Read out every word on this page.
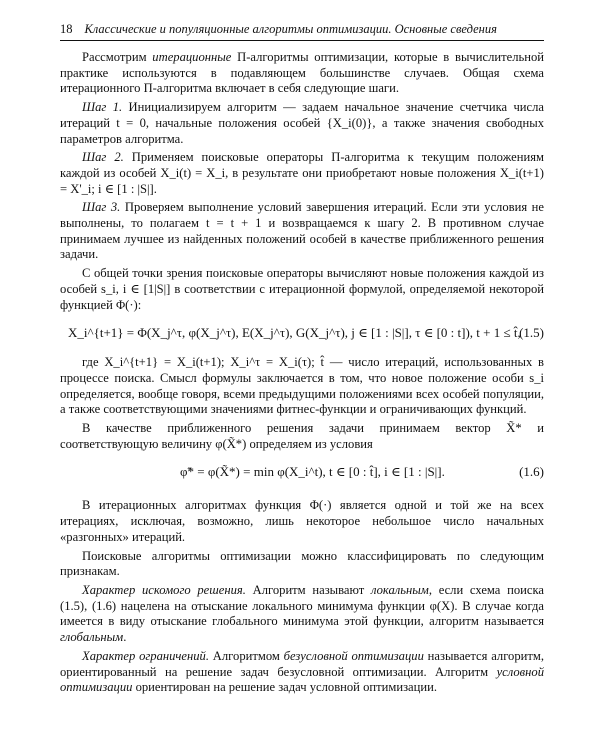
18 Классические и популяционные алгоритмы оптимизации. Основные сведения

Рассмотрим итерационные П-алгоритмы оптимизации, которые в вычислительной практике используются в подавляющем большинстве случаев. Общая схема итерационного П-алгоритма включает в себя следующие шаги.

Шаг 1. Инициализируем алгоритм — задаем начальное значение счетчика числа итераций t = 0, начальные положения особей {X_i(0)}, а также значения свободных параметров алгоритма.

Шаг 2. Применяем поисковые операторы П-алгоритма к текущим положениям каждой из особей X_i(t) = X_i, в результате они приобретают новые положения X_i(t+1) = X'_i; i ∈ [1 : |S|].

Шаг 3. Проверяем выполнение условий завершения итераций. Если эти условия не выполнены, то полагаем t = t + 1 и возвращаемся к шагу 2. В противном случае принимаем лучшее из найденных положений особей в качестве приближенного решения задачи.

С общей точки зрения поисковые операторы вычисляют новые положения каждой из особей s_i, i ∈ [1|S|] в соответствии с итерационной формулой, определяемой некоторой функцией Φ(·):

X_i^{t+1} = Φ(X_j^τ, φ(X_j^τ), E(X_j^τ), G(X_j^τ), j ∈ [1 : |S|], τ ∈ [0 : t]), t + 1 ≤ t̂,
(1.5)

где X_i^{t+1} = X_i(t+1); X_i^τ = X_i(τ); t̂ — число итераций, использованных в процессе поиска. Смысл формулы заключается в том, что новое положение особи s_i определяется, вообще говоря, всеми предыдущими положениями всех особей популяции, а также соответствующими значениями фитнес-функции и ограничивающих функций.

В качестве приближенного решения задачи принимаем вектор X̃* и соответствующую величину φ(X̃*) определяем из условия

φ̃* = φ(X̃*) = min φ(X_i^t), t ∈ [0 : t̂], i ∈ [1 : |S|].	(1.6)

В итерационных алгоритмах функция Φ(·) является одной и той же на всех итерациях, исключая, возможно, лишь некоторое небольшое число начальных «разгонных» итераций.

Поисковые алгоритмы оптимизации можно классифицировать по следующим признакам.

Характер искомого решения. Алгоритм называют локальным, если схема поиска (1.5), (1.6) нацелена на отыскание локального минимума функции φ(X). В случае когда имеется в виду отыскание глобального минимума этой функции, алгоритм называется глобальным.

Характер ограничений. Алгоритмом безусловной оптимизации называется алгоритм, ориентированный на решение задач безусловной оптимизации. Алгоритм условной оптимизации ориентирован на решение задач условной оптимизации.
